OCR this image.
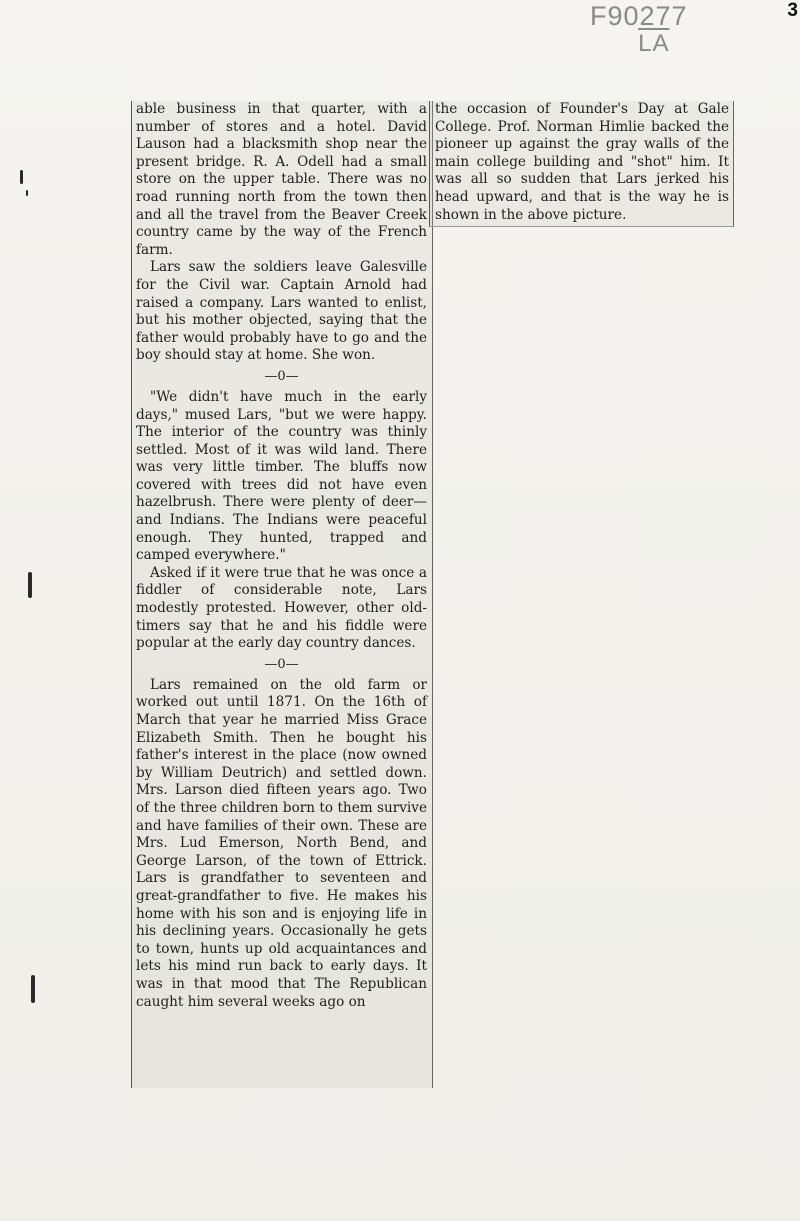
F90277
$\overline{LA}$
3

able business in that quarter, with a number of stores and a hotel. David Lauson had a blacksmith shop near the present bridge. R. A. Odell had a small store on the upper table. There was no road running north from the town then and all the travel from the Beaver Creek country came by the way of the French farm.

Lars saw the soldiers leave Galesville for the Civil war. Captain Arnold had raised a company. Lars wanted to enlist, but his mother objected, saying that the father would probably have to go and the boy should stay at home. She won.

—0—

"We didn't have much in the early days," mused Lars, "but we were happy. The interior of the country was thinly settled. Most of it was wild land. There was very little timber. The bluffs now covered with trees did not have even hazelbrush. There were plenty of deer—and Indians. The Indians were peaceful enough. They hunted, trapped and camped everywhere."

Asked if it were true that he was once a fiddler of considerable note, Lars modestly protested. However, other old-timers say that he and his fiddle were popular at the early day country dances.

—0—

Lars remained on the old farm or worked out until 1871. On the 16th of March that year he married Miss Grace Elizabeth Smith. Then he bought his father's interest in the place (now owned by William Deutrich) and settled down. Mrs. Larson died fifteen years ago. Two of the three children born to them survive and have families of their own. These are Mrs. Lud Emerson, North Bend, and George Larson, of the town of Ettrick. Lars is grandfather to seventeen and great-grandfather to five. He makes his home with his son and is enjoying life in his declining years. Occasionally he gets to town, hunts up old acquaintances and lets his mind run back to early days. It was in that mood that The Republican caught him several weeks ago on

the occasion of Founder's Day at Gale College. Prof. Norman Himlie backed the pioneer up against the gray walls of the main college building and "shot" him. It was all so sudden that Lars jerked his head upward, and that is the way he is shown in the above picture.
